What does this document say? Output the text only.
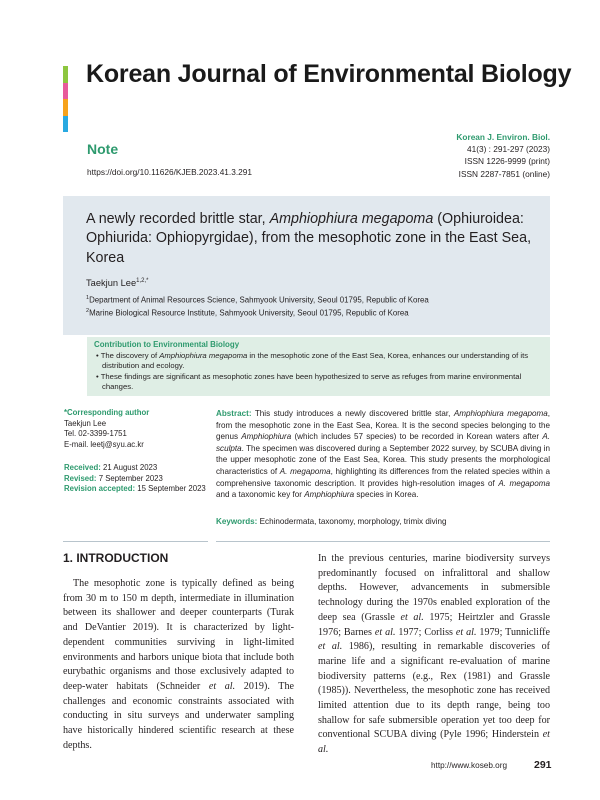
Korean Journal of Environmental Biology
Note
https://doi.org/10.11626/KJEB.2023.41.3.291
Korean J. Environ. Biol.
41(3) : 291-297 (2023)
ISSN 1226-9999 (print)
ISSN 2287-7851 (online)
A newly recorded brittle star, Amphiophiura megapoma (Ophiuroidea: Ophiurida: Ophiopyrgidae), from the mesophotic zone in the East Sea, Korea
Taekjun Lee$^{1,2,*}$
$^1$Department of Animal Resources Science, Sahmyook University, Seoul 01795, Republic of Korea
$^2$Marine Biological Resource Institute, Sahmyook University, Seoul 01795, Republic of Korea
Contribution to Environmental Biology
• The discovery of Amphiophiura megapoma in the mesophotic zone of the East Sea, Korea, enhances our understanding of its distribution and ecology.
• These findings are significant as mesophotic zones have been hypothesized to serve as refuges from marine environmental changes.
*Corresponding author
Taekjun Lee
Tel. 02-3399-1751
E-mail. leetj@syu.ac.kr
Received: 21 August 2023
Revised: 7 September 2023
Revision accepted: 15 September 2023
Abstract: This study introduces a newly discovered brittle star, Amphiophiura megapoma, from the mesophotic zone in the East Sea, Korea. It is the second species belonging to the genus Amphiophiura (which includes 57 species) to be recorded in Korean waters after A. sculpta. The specimen was discovered during a September 2022 survey, by SCUBA diving in the upper mesophotic zone of the East Sea, Korea. This study presents the morphological characteristics of A. megapoma, highlighting its differences from the related species within a comprehensive taxonomic description. It provides high-resolution images of A. megapoma and a taxonomic key for Amphiophiura species in Korea.
Keywords: Echinodermata, taxonomy, morphology, trimix diving
1. INTRODUCTION
The mesophotic zone is typically defined as being from 30 m to 150 m depth, intermediate in illumination between its shallower and deeper counterparts (Turak and DeVantier 2019). It is characterized by light-dependent communities surviving in light-limited environments and harbors unique biota that include both eurybathic organisms and those exclusively adapted to deep-water habitats (Schneider et al. 2019). The challenges and economic constraints associated with conducting in situ surveys and underwater sampling have historically hindered scientific research at these depths.
In the previous centuries, marine biodiversity surveys predominantly focused on infralittoral and shallow depths. However, advancements in submersible technology during the 1970s enabled exploration of the deep sea (Grassle et al. 1975; Heirtzler and Grassle 1976; Barnes et al. 1977; Corliss et al. 1979; Tunnicliffe et al. 1986), resulting in remarkable discoveries of marine life and a significant re-evaluation of marine biodiversity patterns (e.g., Rex (1981) and Grassle (1985)). Nevertheless, the mesophotic zone has received limited attention due to its depth range, being too shallow for safe submersible operation yet too deep for conventional SCUBA diving (Pyle 1996; Hinderstein et al.
http://www.koseb.org	291
